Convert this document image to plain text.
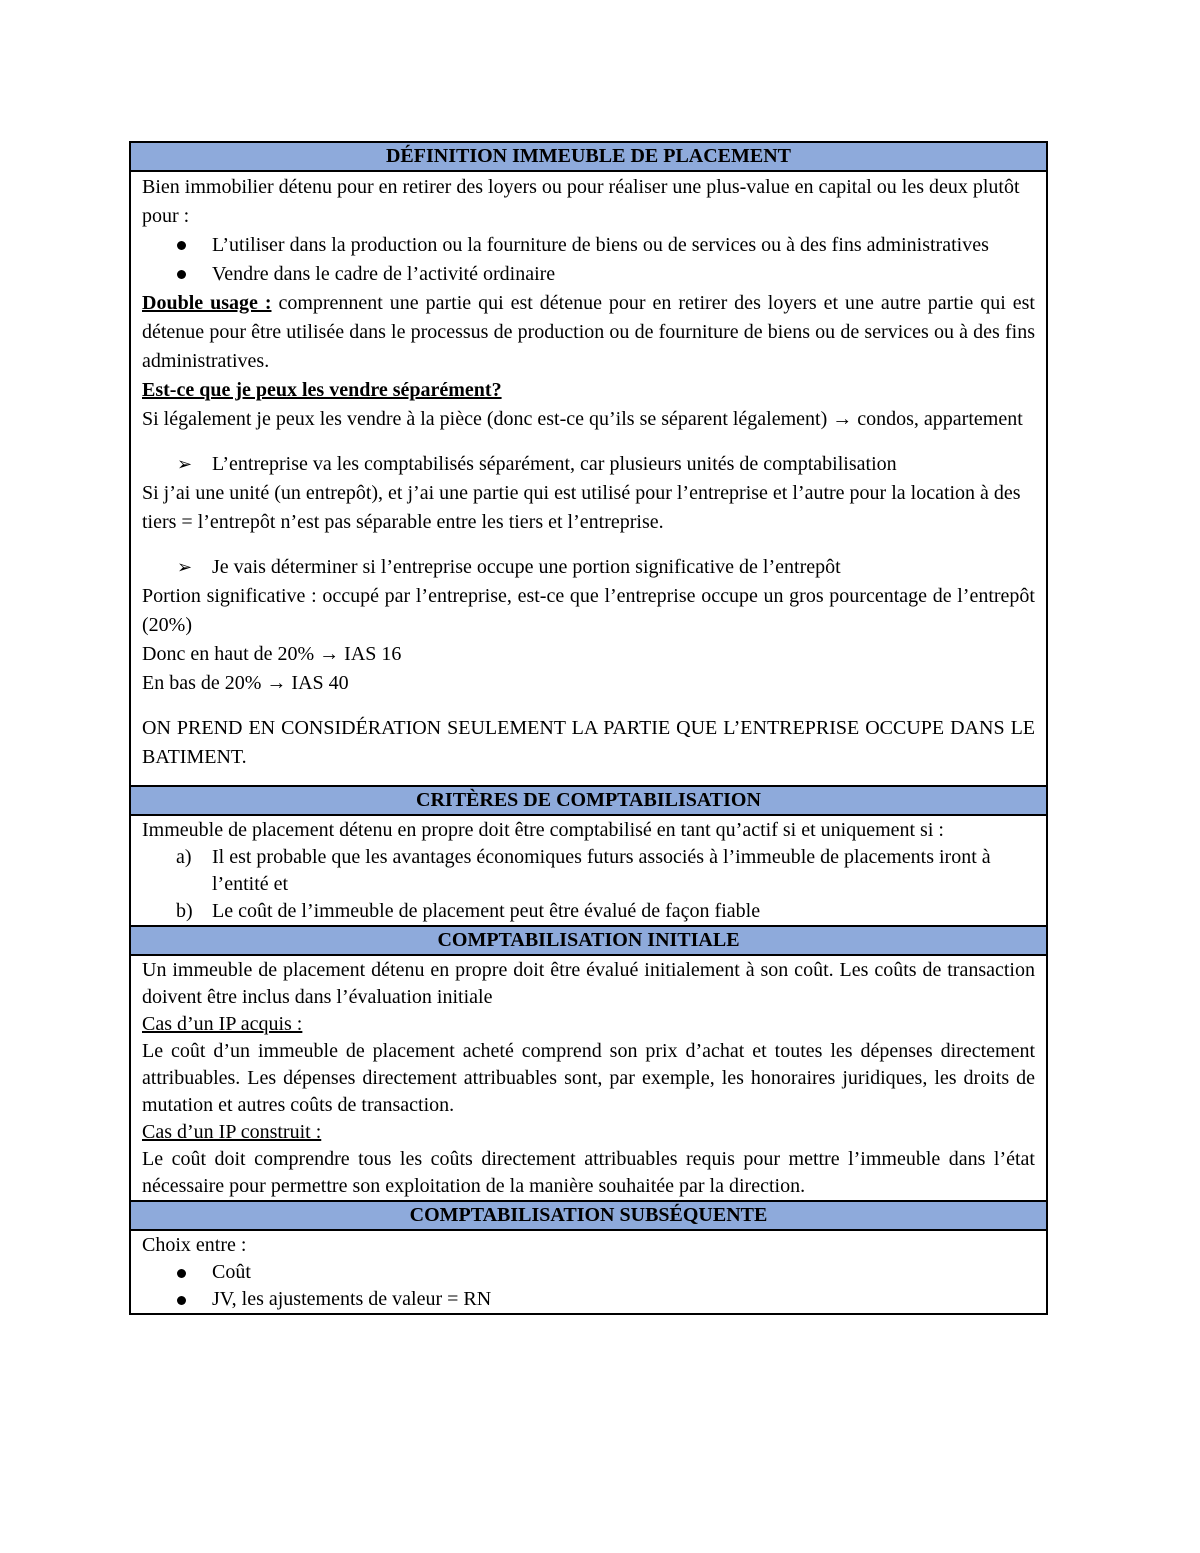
DÉFINITION IMMEUBLE DE PLACEMENT

Bien immobilier détenu pour en retirer des loyers ou pour réaliser une plus-value en capital ou les deux plutôt pour :

L’utiliser dans la production ou la fourniture de biens ou de services ou à des fins administratives
Vendre dans le cadre de l’activité ordinaire

Double usage : comprennent une partie qui est détenue pour en retirer des loyers et une autre partie qui est détenue pour être utilisée dans le processus de production ou de fourniture de biens ou de services ou à des fins administratives.

Est-ce que je peux les vendre séparément?

Si légalement je peux les vendre à la pièce (donc est-ce qu’ils se séparent légalement) → condos, appartement

➢ L’entreprise va les comptabilisés séparément, car plusieurs unités de comptabilisation

Si j’ai une unité (un entrepôt), et j’ai une partie qui est utilisé pour l’entreprise et l’autre pour la location à des tiers = l’entrepôt n’est pas séparable entre les tiers et l’entreprise.

➢ Je vais déterminer si l’entreprise occupe une portion significative de l’entrepôt

Portion significative : occupé par l’entreprise, est-ce que l’entreprise occupe un gros pourcentage de l’entrepôt (20%)

Donc en haut de 20% → IAS 16

En bas de 20% → IAS 40

ON PREND EN CONSIDÉRATION SEULEMENT LA PARTIE QUE L’ENTREPRISE OCCUPE DANS LE BATIMENT.

CRITÈRES DE COMPTABILISATION

Immeuble de placement détenu en propre doit être comptabilisé en tant qu’actif si et uniquement si :

a) Il est probable que les avantages économiques futurs associés à l’immeuble de placements iront à l’entité et
b) Le coût de l’immeuble de placement peut être évalué de façon fiable
COMPTABILISATION INITIALE

Un immeuble de placement détenu en propre doit être évalué initialement à son coût. Les coûts de transaction doivent être inclus dans l’évaluation initiale

Cas d’un IP acquis :

Le coût d’un immeuble de placement acheté comprend son prix d’achat et toutes les dépenses directement attribuables. Les dépenses directement attribuables sont, par exemple, les honoraires juridiques, les droits de mutation et autres coûts de transaction.

Cas d’un IP construit :

Le coût doit comprendre tous les coûts directement attribuables requis pour mettre l’immeuble dans l’état nécessaire pour permettre son exploitation de la manière souhaitée par la direction.

COMPTABILISATION SUBSÉQUENTE

Choix entre :

Coût
JV, les ajustements de valeur = RN
